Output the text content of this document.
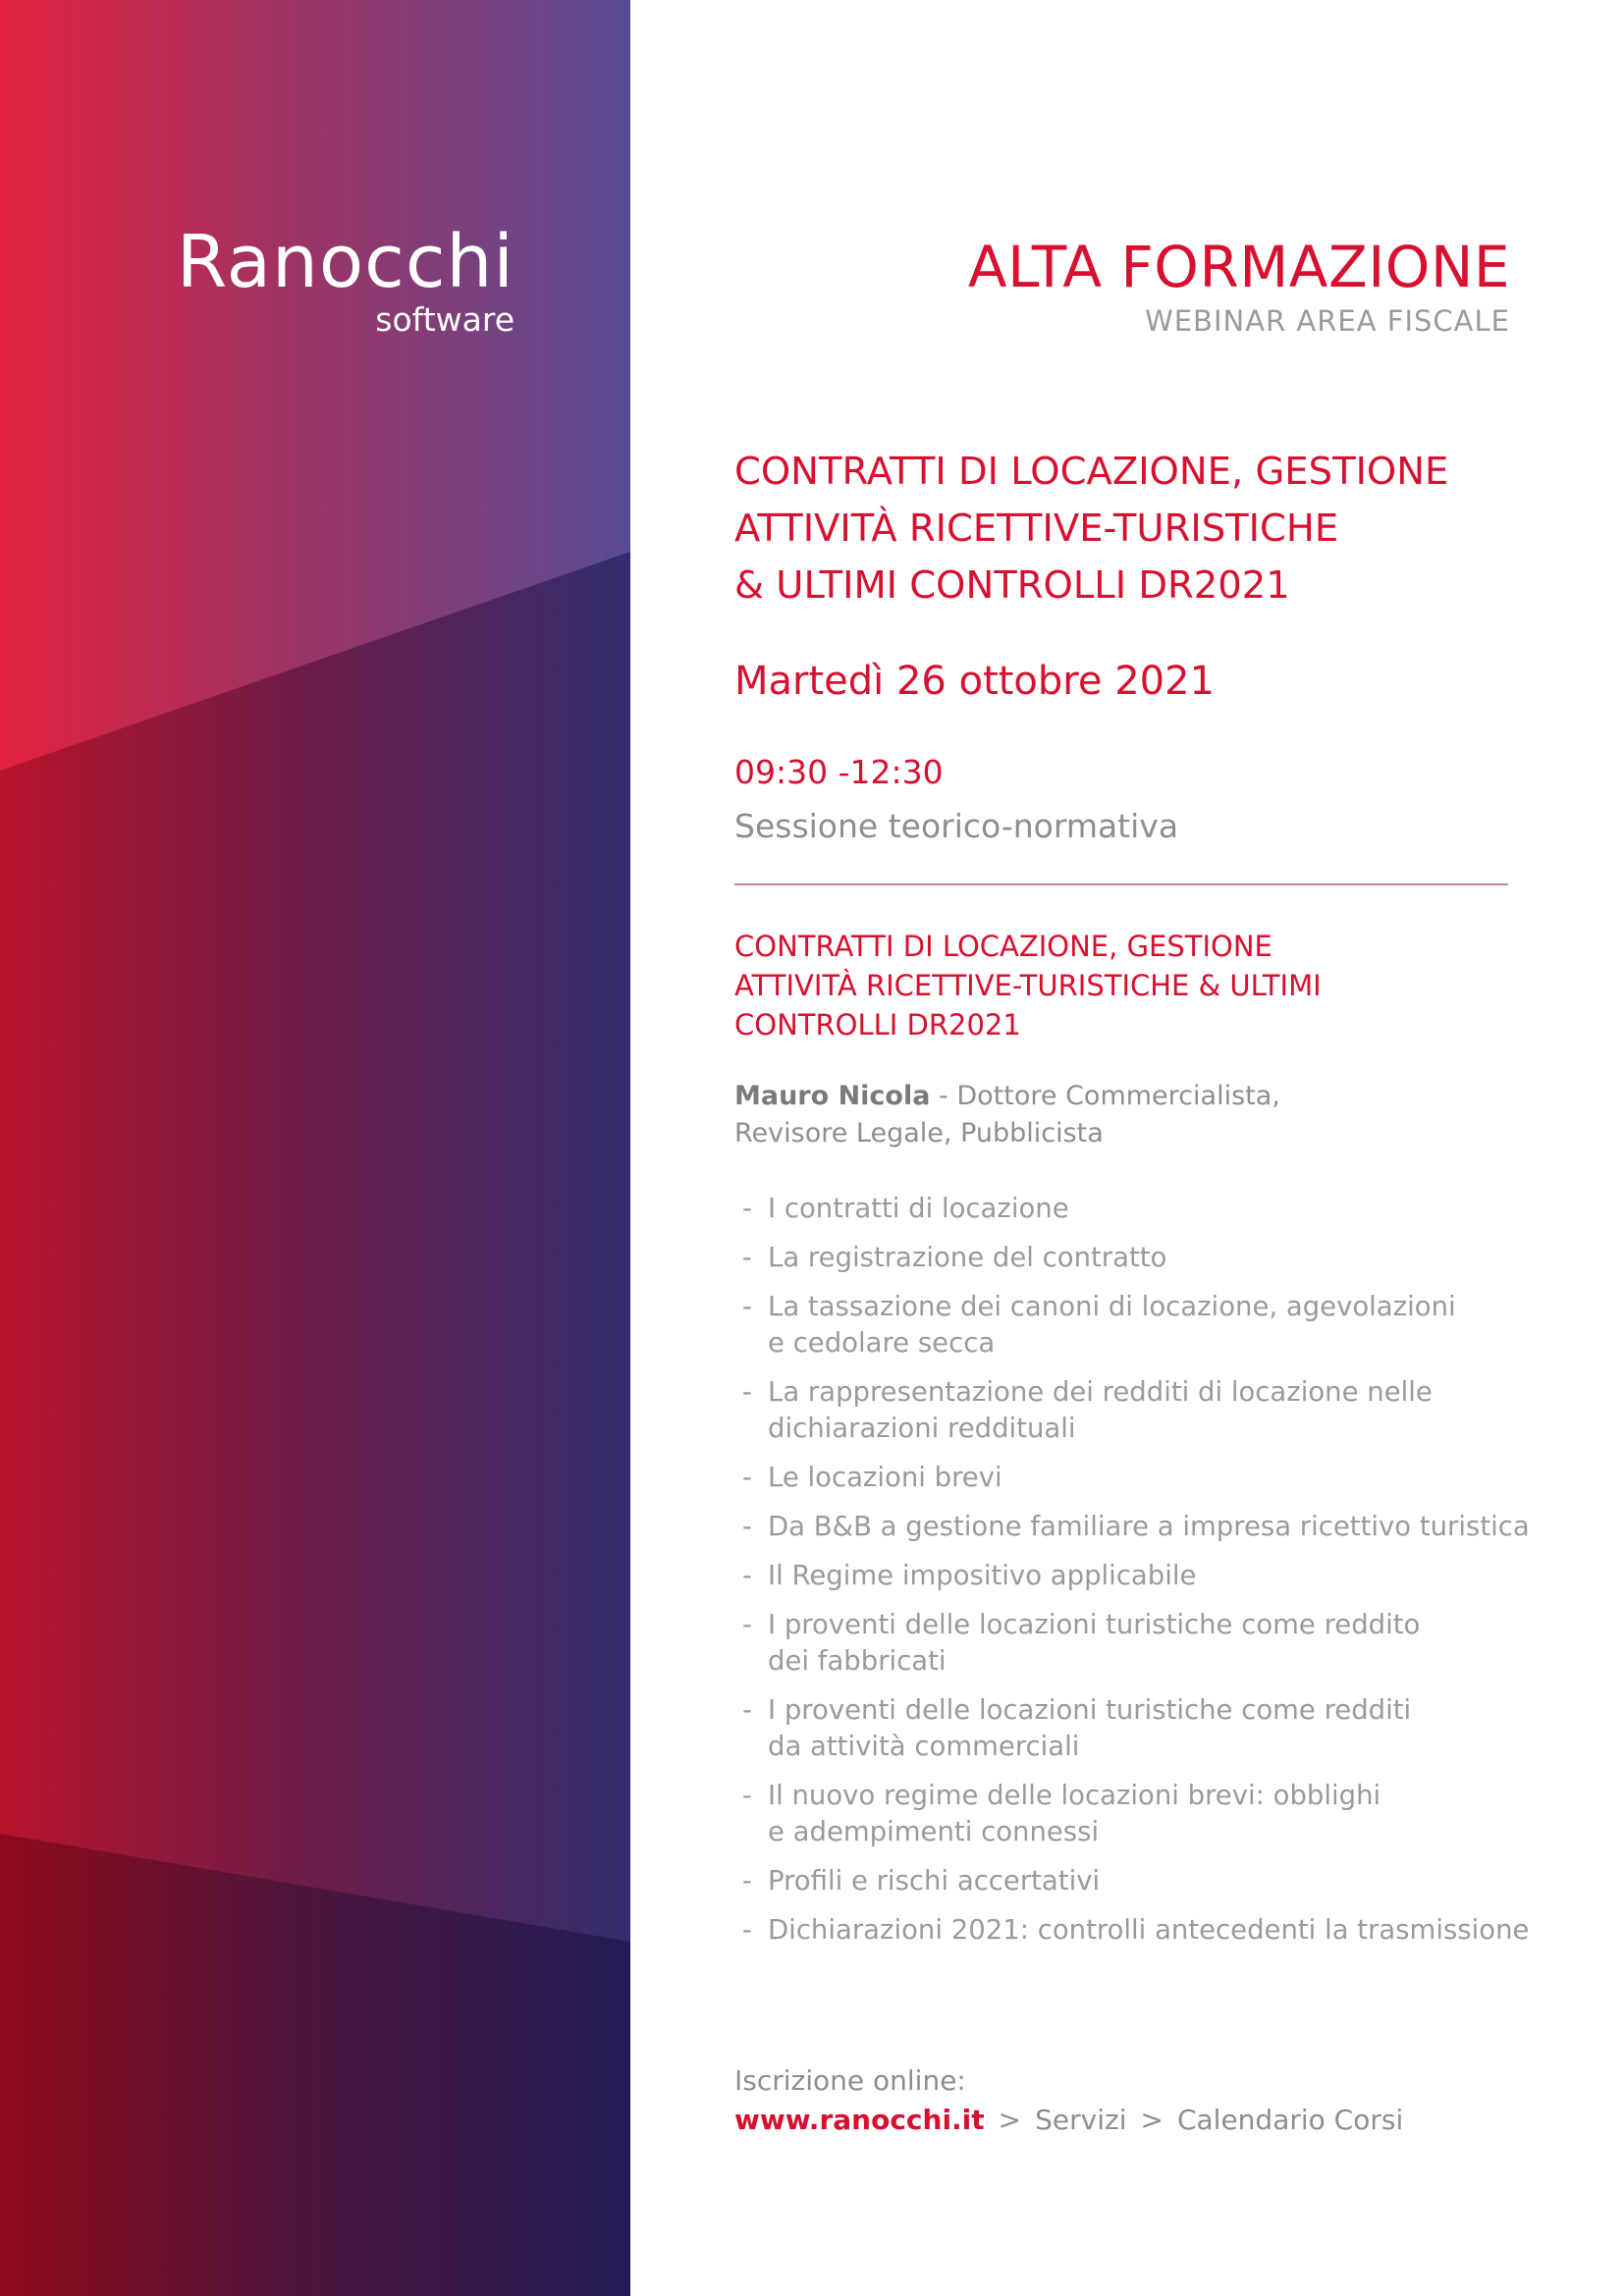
Ranocchi
software
ALTA FORMAZIONE
WEBINAR AREA FISCALE
CONTRATTI DI LOCAZIONE, GESTIONE
ATTIVITÀ RICETTIVE-TURISTICHE
& ULTIMI CONTROLLI DR2021
Martedì 26 ottobre 2021
09:30 -12:30
Sessione teorico-normativa
CONTRATTI DI LOCAZIONE, GESTIONE
ATTIVITÀ RICETTIVE-TURISTICHE & ULTIMI
CONTROLLI DR2021
Mauro Nicola - Dottore Commercialista,
Revisore Legale, Pubblicista
- I contratti di locazione
- La registrazione del contratto
- La tassazione dei canoni di locazione, agevolazioni
e cedolare secca
- La rappresentazione dei redditi di locazione nelle
dichiarazioni reddituali
- Le locazioni brevi
- Da B&B a gestione familiare a impresa ricettivo turistica
- Il Regime impositivo applicabile
- I proventi delle locazioni turistiche come reddito
dei fabbricati
- I proventi delle locazioni turistiche come redditi
da attività commerciali
- Il nuovo regime delle locazioni brevi: obblighi
e adempimenti connessi
- Profili e rischi accertativi
- Dichiarazioni 2021: controlli antecedenti la trasmissione
Iscrizione online:
www.ranocchi.it > Servizi > Calendario Corsi
